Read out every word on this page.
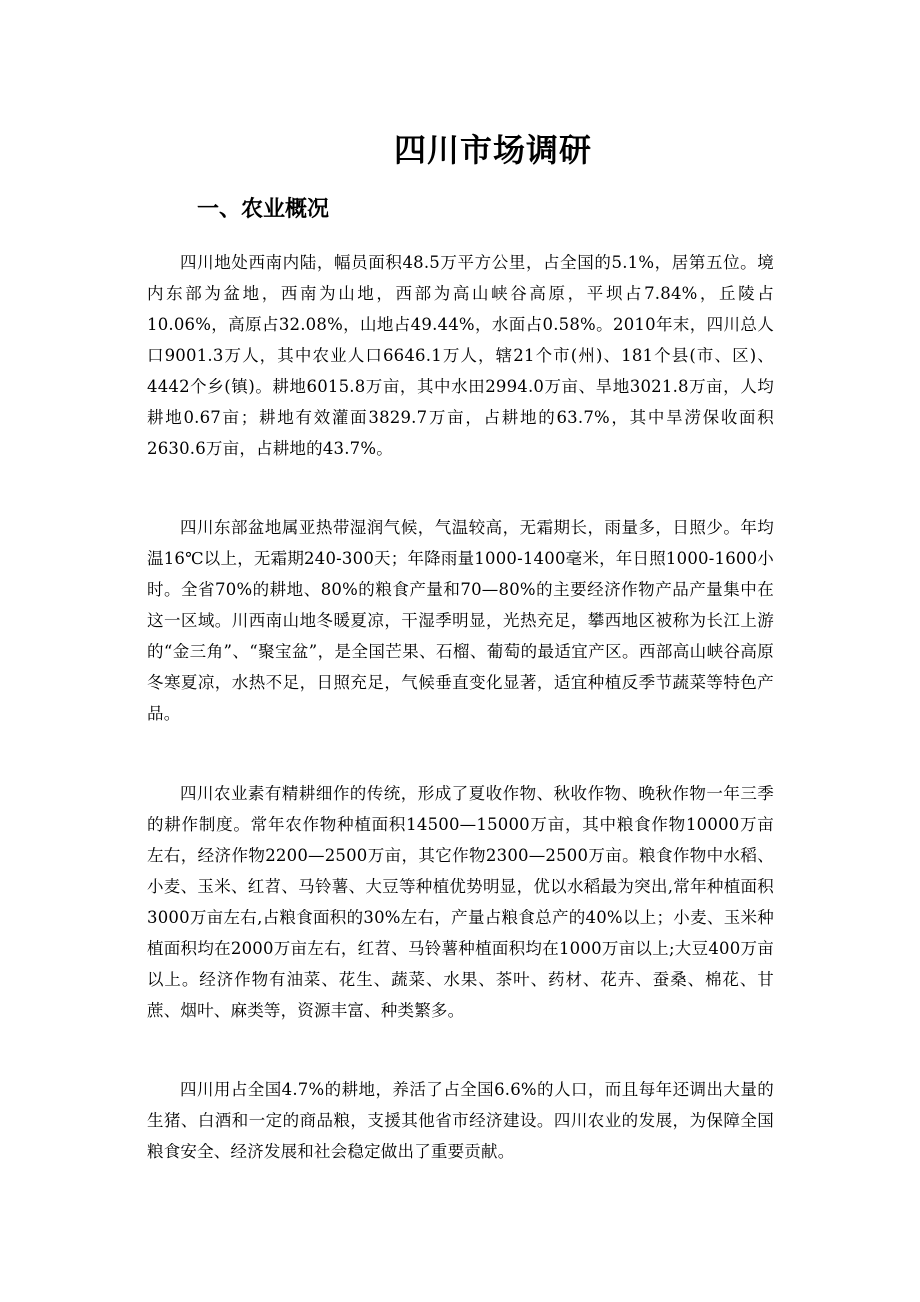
四川市场调研
一、农业概况

四川地处西南内陆，幅员面积48.5万平方公里，占全国的5.1%，居第五位。境内东部为盆地，西南为山地，西部为高山峡谷高原，平坝占7.84%，丘陵占10.06%，高原占32.08%，山地占49.44%，水面占0.58%。2010年末，四川总人口9001.3万人，其中农业人口6646.1万人，辖21个市(州)、181个县(市、区)、4442个乡(镇)。耕地6015.8万亩，其中水田2994.0万亩、旱地3021.8万亩，人均耕地0.67亩；耕地有效灌面3829.7万亩，占耕地的63.7%，其中旱涝保收面积2630.6万亩，占耕地的43.7%。

四川东部盆地属亚热带湿润气候，气温较高，无霜期长，雨量多，日照少。年均温16℃以上，无霜期240-300天；年降雨量1000-1400毫米，年日照1000-1600小时。全省70%的耕地、80%的粮食产量和70—80%的主要经济作物产品产量集中在这一区域。川西南山地冬暖夏凉，干湿季明显，光热充足，攀西地区被称为长江上游的“金三角”、“聚宝盆”，是全国芒果、石榴、葡萄的最适宜产区。西部高山峡谷高原冬寒夏凉，水热不足，日照充足，气候垂直变化显著，适宜种植反季节蔬菜等特色产品。

四川农业素有精耕细作的传统，形成了夏收作物、秋收作物、晚秋作物一年三季的耕作制度。常年农作物种植面积14500—15000万亩，其中粮食作物10000万亩左右，经济作物2200—2500万亩，其它作物2300—2500万亩。粮食作物中水稻、小麦、玉米、红苕、马铃薯、大豆等种植优势明显，优以水稻最为突出,常年种植面积3000万亩左右,占粮食面积的30%左右，产量占粮食总产的40%以上；小麦、玉米种植面积均在2000万亩左右，红苕、马铃薯种植面积均在1000万亩以上;大豆400万亩以上。经济作物有油菜、花生、蔬菜、水果、茶叶、药材、花卉、蚕桑、棉花、甘蔗、烟叶、麻类等，资源丰富、种类繁多。

四川用占全国4.7%的耕地，养活了占全国6.6%的人口，而且每年还调出大量的生猪、白酒和一定的商品粮，支援其他省市经济建设。四川农业的发展，为保障全国粮食安全、经济发展和社会稳定做出了重要贡献。
